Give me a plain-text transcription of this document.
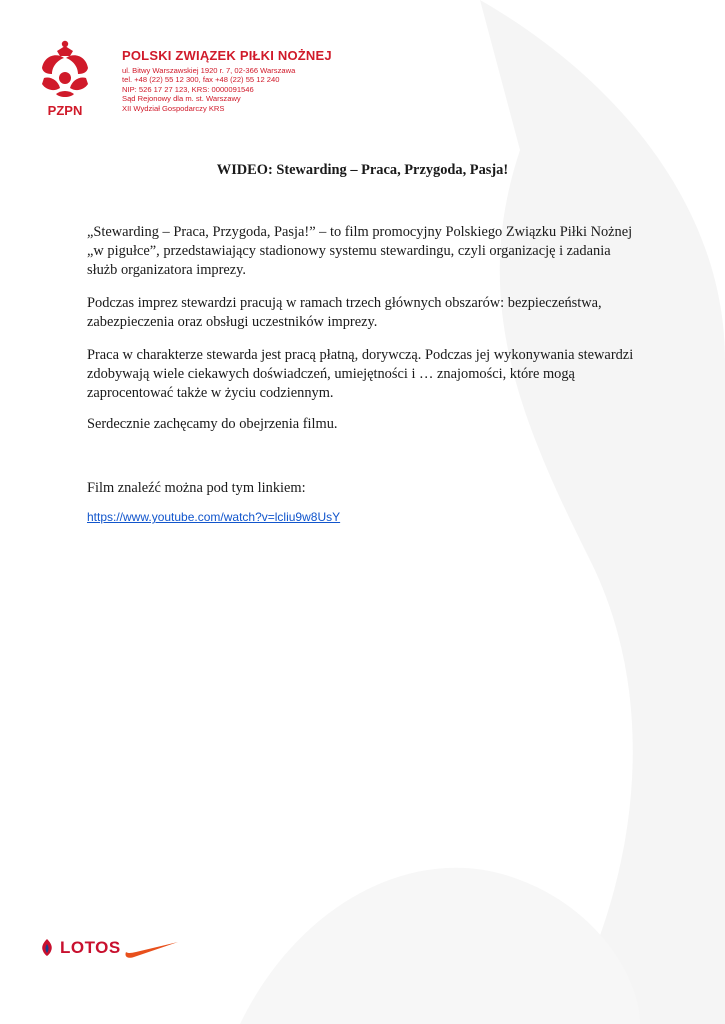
PZPN
POLSKI ZWIĄZEK PIŁKI NOŻNEJ
ul. Bitwy Warszawskiej 1920 r. 7, 02-366 Warszawa
tel. +48 (22) 55 12 300, fax +48 (22) 55 12 240
NIP: 526 17 27 123, KRS: 0000091546
Sąd Rejonowy dla m. st. Warszawy
XII Wydział Gospodarczy KRS
WIDEO: Stewarding – Praca, Przygoda, Pasja!

„Stewarding – Praca, Przygoda, Pasja!” – to film promocyjny Polskiego Związku Piłki Nożnej „w pigułce”, przedstawiający stadionowy systemu stewardingu, czyli organizację i zadania służb organizatora imprezy.

Podczas imprez stewardzi pracują w ramach trzech głównych obszarów: bezpieczeństwa, zabezpieczenia oraz obsługi uczestników imprezy.

Praca w charakterze stewarda jest pracą płatną, dorywczą. Podczas jej wykonywania stewardzi zdobywają wiele ciekawych doświadczeń, umiejętności i … znajomości, które mogą zaprocentować także w życiu codziennym.

Serdecznie zachęcamy do obejrzenia filmu.

Film znaleźć można pod tym linkiem:

https://www.youtube.com/watch?v=lcliu9w8UsY
LOTOS
